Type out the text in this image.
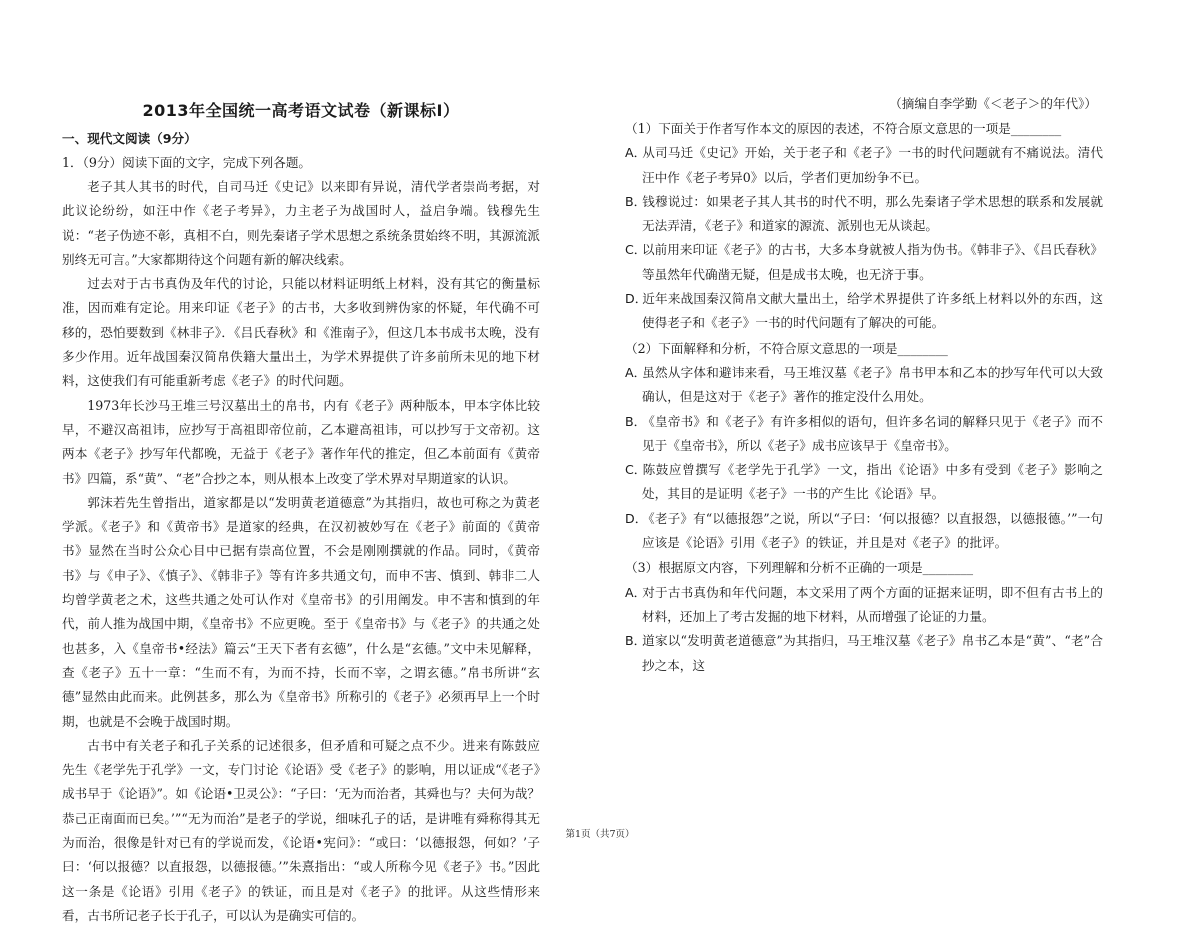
2013年全国统一高考语文试卷（新课标Ⅰ）
一、现代文阅读（9分）
1．（9分）阅读下面的文字，完成下列各题。

老子其人其书的时代，自司马迁《史记》以来即有异说，清代学者崇尚考据，对此议论纷纷，如汪中作《老子考异》，力主老子为战国时人，益启争端。钱穆先生说：“老子伪迹不彰，真相不白，则先秦诸子学术思想之系统条贯始终不明，其源流派别终无可言。”大家都期待这个问题有新的解决线索。

过去对于古书真伪及年代的讨论，只能以材料证明纸上材料，没有其它的衡量标准，因而难有定论。用来印证《老子》的古书，大多收到辨伪家的怀疑，年代确不可移的，恐怕要数到《林非子》．《吕氏春秋》和《淮南子》，但这几本书成书太晚，没有多少作用。近年战国秦汉简帛佚籍大量出土，为学术界提供了许多前所未见的地下材料，这使我们有可能重新考虑《老子》的时代问题。

1973年长沙马王堆三号汉墓出土的帛书，内有《老子》两种版本，甲本字体比较早，不避汉高祖讳，应抄写于高祖即帝位前，乙本避高祖讳，可以抄写于文帝初。这两本《老子》抄写年代都晚，无益于《老子》著作年代的推定，但乙本前面有《黄帝书》四篇，系“黄”、“老”合抄之本，则从根本上改变了学术界对早期道家的认识。

郭沫若先生曾指出，道家都是以“发明黄老道德意”为其指归，故也可称之为黄老学派。《老子》和《黄帝书》是道家的经典，在汉初被妙写在《老子》前面的《黄帝书》显然在当时公众心目中已据有崇高位置，不会是刚刚撰就的作品。同时，《黄帝书》与《申子》、《慎子》、《韩非子》等有许多共通文句，而申不害、慎到、韩非二人均曾学黄老之术，这些共通之处可认作对《皇帝书》的引用阐发。申不害和慎到的年代，前人推为战国中期，《皇帝书》不应更晚。至于《皇帝书》与《老子》的共通之处也甚多，入《皇帝书•经法》篇云“王天下者有玄德”，什么是“玄德。”文中未见解释，查《老子》五十一章：“生而不有，为而不持，长而不宰，之谓玄德。”帛书所讲“玄德”显然由此而来。此例甚多，那么为《皇帝书》所称引的《老子》必须再早上一个时期，也就是不会晚于战国时期。

古书中有关老子和孔子关系的记述很多，但矛盾和可疑之点不少。进来有陈鼓应先生《老学先于孔学》一文，专门讨论《论语》受《老子》的影响，用以证成“《老子》成书早于《论语》”。如《论语•卫灵公》：“子曰：‘无为而治者，其舜也与？夫何为哉？恭己正南面而已矣。’”“无为而治”是老子的学说，细味孔子的话，是讲唯有舜称得其无为而治，很像是针对已有的学说而发，《论语•宪问》：“或曰：‘以德报怨，何如？’子曰：‘何以报德？以直报怨，以德报德。’”朱熹指出：“或人所称今见《老子》书。”因此这一条是《论语》引用《老子》的铁证，而且是对《老子》的批评。从这些情形来看，古书所记老子长于孔子，可以认为是确实可信的。

（摘编自李学勤《＜老子＞的年代》）
（1）下面关于作者写作本文的原因的表述，不符合原文意思的一项是________
A．从司马迁《史记》开始，关于老子和《老子》一书的时代问题就有不痛说法。清代汪中作《老子考异0》以后，学者们更加纷争不已。
B．钱穆说过：如果老子其人其书的时代不明，那么先秦诸子学术思想的联系和发展就无法弄清，《老子》和道家的源流、派别也无从谈起。
C．以前用来印证《老子》的古书，大多本身就被人指为伪书。《韩非子》、《吕氏春秋》等虽然年代确凿无疑，但是成书太晚，也无济于事。
D．近年来战国秦汉简帛文献大量出土，给学术界提供了许多纸上材料以外的东西，这使得老子和《老子》一书的时代问题有了解决的可能。
（2）下面解释和分析，不符合原文意思的一项是________
A．虽然从字体和避讳来看，马王堆汉墓《老子》帛书甲本和乙本的抄写年代可以大致确认，但是这对于《老子》著作的推定没什么用处。
B．《皇帝书》和《老子》有许多相似的语句，但许多名词的解释只见于《老子》而不见于《皇帝书》，所以《老子》成书应该早于《皇帝书》。
C．陈鼓应曾撰写《老学先于孔学》一文，指出《论语》中多有受到《老子》影响之处，其目的是证明《老子》一书的产生比《论语》早。
D．《老子》有“以德报怨”之说，所以“子曰：‘何以报德？以直报怨，以德报德。’”一句应该是《论语》引用《老子》的铁证，并且是对《老子》的批评。
（3）根据原文内容，下列理解和分析不正确的一项是________
A．对于古书真伪和年代问题，本文采用了两个方面的证据来证明，即不但有古书上的材料，还加上了考古发掘的地下材料，从而增强了论证的力量。
B．道家以“发明黄老道德意”为其指归，马王堆汉墓《老子》帛书乙本是“黄”、“老”合抄之本，这
第1页（共7页）
